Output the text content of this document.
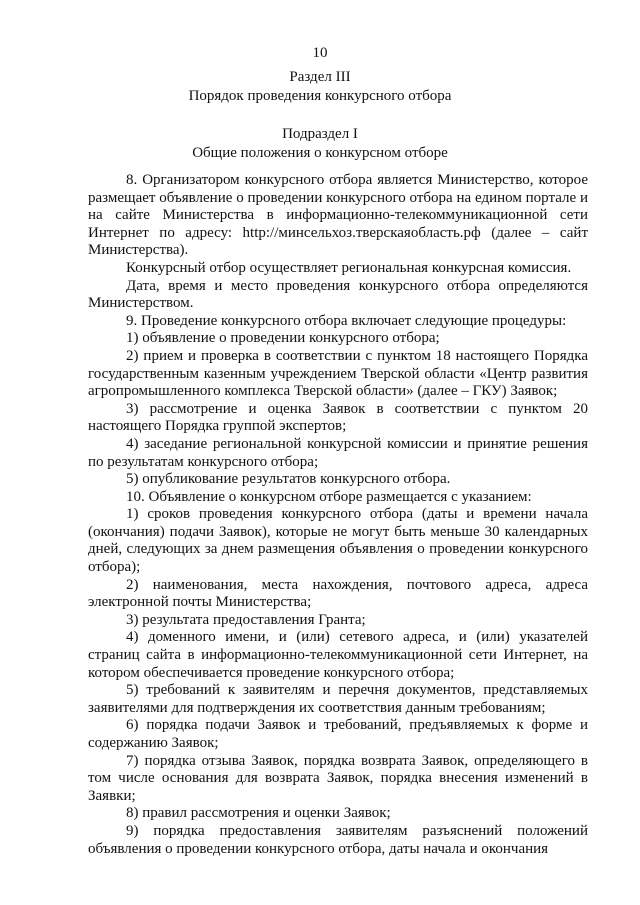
10
Раздел III
Порядок проведения конкурсного отбора
Подраздел I
Общие положения о конкурсном отборе

8. Организатором конкурсного отбора является Министерство, которое размещает объявление о проведении конкурсного отбора на едином портале и на сайте Министерства в информационно-телекоммуникационной сети Интернет по адресу: http://минсельхоз.тверскаяобласть.рф (далее – сайт Министерства).

Конкурсный отбор осуществляет региональная конкурсная комиссия.

Дата, время и место проведения конкурсного отбора определяются Министерством.

9. Проведение конкурсного отбора включает следующие процедуры:

1) объявление о проведении конкурсного отбора;

2) прием и проверка в соответствии с пунктом 18 настоящего Порядка государственным казенным учреждением Тверской области «Центр развития агропромышленного комплекса Тверской области» (далее – ГКУ) Заявок;

3) рассмотрение и оценка Заявок в соответствии с пунктом 20 настоящего Порядка группой экспертов;

4) заседание региональной конкурсной комиссии и принятие решения по результатам конкурсного отбора;

5) опубликование результатов конкурсного отбора.

10. Объявление о конкурсном отборе размещается с указанием:

1) сроков проведения конкурсного отбора (даты и времени начала (окончания) подачи Заявок), которые не могут быть меньше 30 календарных дней, следующих за днем размещения объявления о проведении конкурсного отбора);

2) наименования, места нахождения, почтового адреса, адреса электронной почты Министерства;

3) результата предоставления Гранта;

4) доменного имени, и (или) сетевого адреса, и (или) указателей страниц сайта в информационно-телекоммуникационной сети Интернет, на котором обеспечивается проведение конкурсного отбора;

5) требований к заявителям и перечня документов, представляемых заявителями для подтверждения их соответствия данным требованиям;

6) порядка подачи Заявок и требований, предъявляемых к форме и содержанию Заявок;

7) порядка отзыва Заявок, порядка возврата Заявок, определяющего в том числе основания для возврата Заявок, порядка внесения изменений в Заявки;

8) правил рассмотрения и оценки Заявок;

9) порядка предоставления заявителям разъяснений положений объявления о проведении конкурсного отбора, даты начала и окончания
